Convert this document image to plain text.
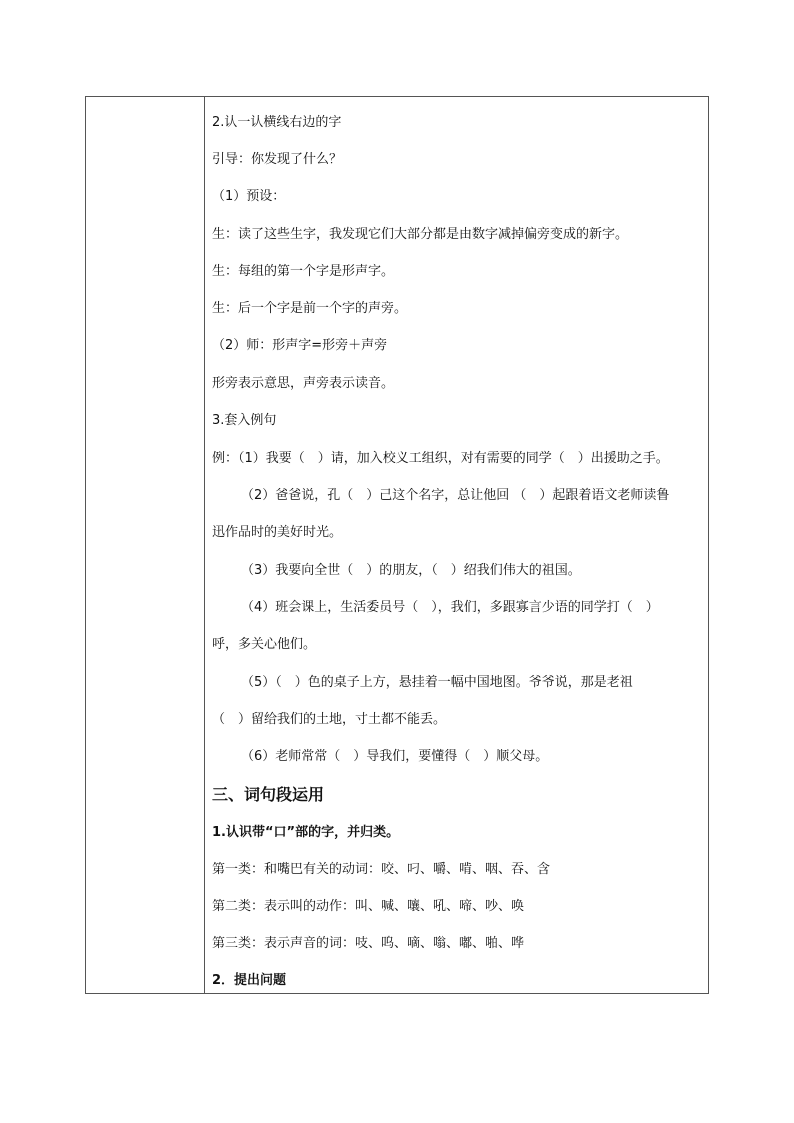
2.认一认横线右边的字
引导：你发现了什么？
（1）预设：
生：读了这些生字，我发现它们大部分都是由数字减掉偏旁变成的新字。
生：每组的第一个字是形声字。
生：后一个字是前一个字的声旁。
（2）师：形声字=形旁＋声旁
形旁表示意思，声旁表示读音。
3.套入例句
例：（1）我要（　）请，加入校义工组织，对有需要的同学（　）出援助之手。
（2）爸爸说，孔（　）己这个名字，总让他回 （　）起跟着语文老师读鲁
迅作品时的美好时光。
（3）我要向全世（　）的朋友，（　）绍我们伟大的祖国。
（4）班会课上，生活委员号（　），我们，多跟寡言少语的同学打（　）
呼，多关心他们。
（5）（　）色的桌子上方，悬挂着一幅中国地图。爷爷说，那是老祖
（　）留给我们的土地，寸土都不能丢。
（6）老师常常（　）导我们，要懂得（　）顺父母。
三、词句段运用
1.认识带“口”部的字，并归类。
第一类：和嘴巴有关的动词：咬、叼、嚼、啃、咽、吞、含
第二类：表示叫的动作：叫、喊、嚷、吼、啼、吵、唤
第三类：表示声音的词：吱、呜、嘀、嗡、嘟、啪、哗
2．提出问题
